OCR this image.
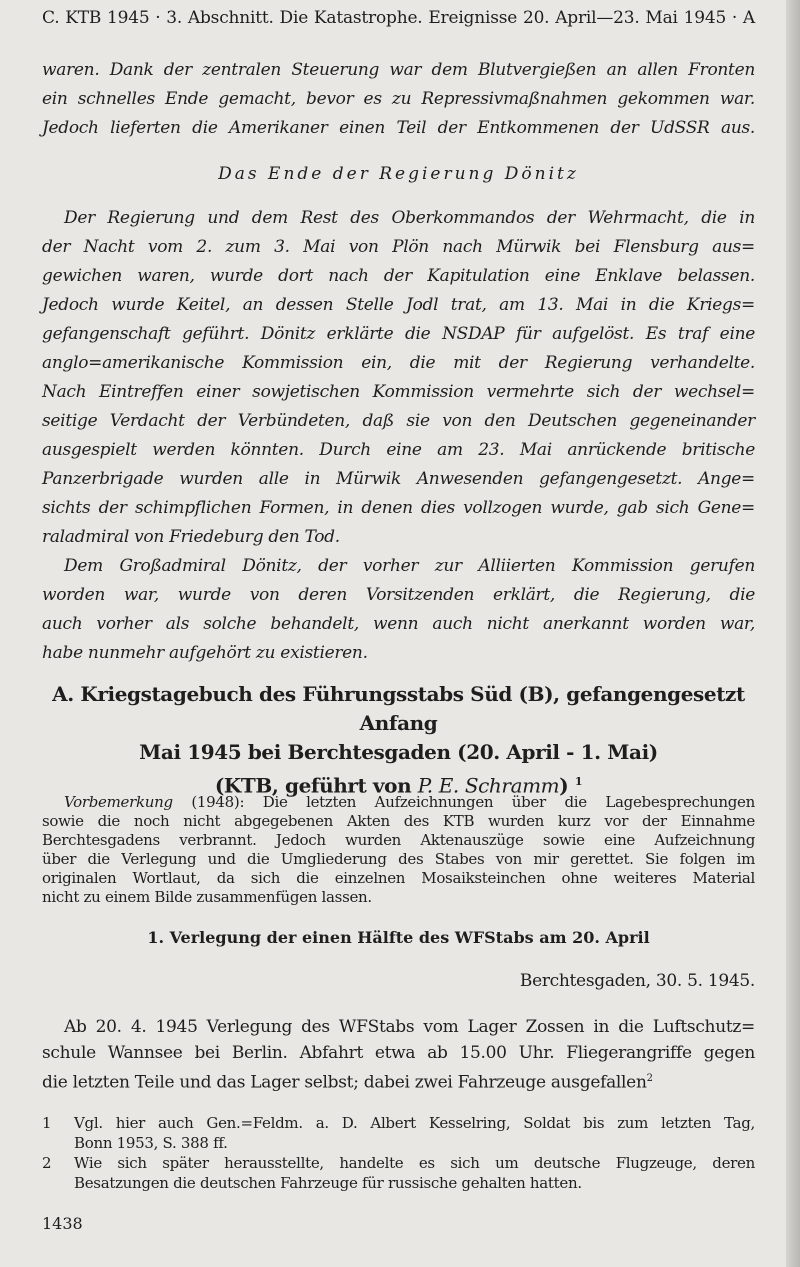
C. KTB 1945 · 3. Abschnitt. Die Katastrophe. Ereignisse 20. April—23. Mai 1945 · A
waren. Dank der zentralen Steuerung war dem Blutvergießen an allen Fronten
ein schnelles Ende gemacht, bevor es zu Repressivmaßnahmen gekommen war.
Jedoch lieferten die Amerikaner einen Teil der Entkommenen der UdSSR aus.
Das Ende der Regierung Dönitz
Der Regierung und dem Rest des Oberkommandos der Wehrmacht, die in
der Nacht vom 2. zum 3. Mai von Plön nach Mürwik bei Flensburg aus=
gewichen waren, wurde dort nach der Kapitulation eine Enklave belassen.
Jedoch wurde Keitel, an dessen Stelle Jodl trat, am 13. Mai in die Kriegs=
gefangenschaft geführt. Dönitz erklärte die NSDAP für aufgelöst. Es traf eine
anglo=amerikanische Kommission ein, die mit der Regierung verhandelte.
Nach Eintreffen einer sowjetischen Kommission vermehrte sich der wechsel=
seitige Verdacht der Verbündeten, daß sie von den Deutschen gegeneinander
ausgespielt werden könnten. Durch eine am 23. Mai anrückende britische
Panzerbrigade wurden alle in Mürwik Anwesenden gefangengesetzt. Ange=
sichts der schimpflichen Formen, in denen dies vollzogen wurde, gab sich Gene=
raladmiral von Friedeburg den Tod.
Dem Großadmiral Dönitz, der vorher zur Alliierten Kommission gerufen
worden war, wurde von deren Vorsitzenden erklärt, die Regierung, die
auch vorher als solche behandelt, wenn auch nicht anerkannt worden war,
habe nunmehr aufgehört zu existieren.
A. Kriegstagebuch des Führungsstabs Süd (B), gefangengesetzt Anfang
Mai 1945 bei Berchtesgaden (20. April - 1. Mai)
(KTB, geführt von P. E. Schramm) $^1$
Vorbemerkung (1948): Die letzten Aufzeichnungen über die Lagebesprechungen
sowie die noch nicht abgegebenen Akten des KTB wurden kurz vor der Einnahme
Berchtesgadens verbrannt. Jedoch wurden Aktenauszüge sowie eine Aufzeichnung
über die Verlegung und die Umgliederung des Stabes von mir gerettet. Sie folgen im
originalen Wortlaut, da sich die einzelnen Mosaiksteinchen ohne weiteres Material
nicht zu einem Bilde zusammenfügen lassen.
1. Verlegung der einen Hälfte des WFStabs am 20. April
Berchtesgaden, 30. 5. 1945.
Ab 20. 4. 1945 Verlegung des WFStabs vom Lager Zossen in die Luftschutz=
schule Wannsee bei Berlin. Abfahrt etwa ab 15.00 Uhr. Fliegerangriffe gegen
die letzten Teile und das Lager selbst; dabei zwei Fahrzeuge ausgefallen$^2$
1	Vgl. hier auch Gen.=Feldm. a. D. Albert Kesselring, Soldat bis zum letzten Tag,
Bonn 1953, S. 388 ff.
2	Wie sich später herausstellte, handelte es sich um deutsche Flugzeuge, deren
Besatzungen die deutschen Fahrzeuge für russische gehalten hatten.
1438
